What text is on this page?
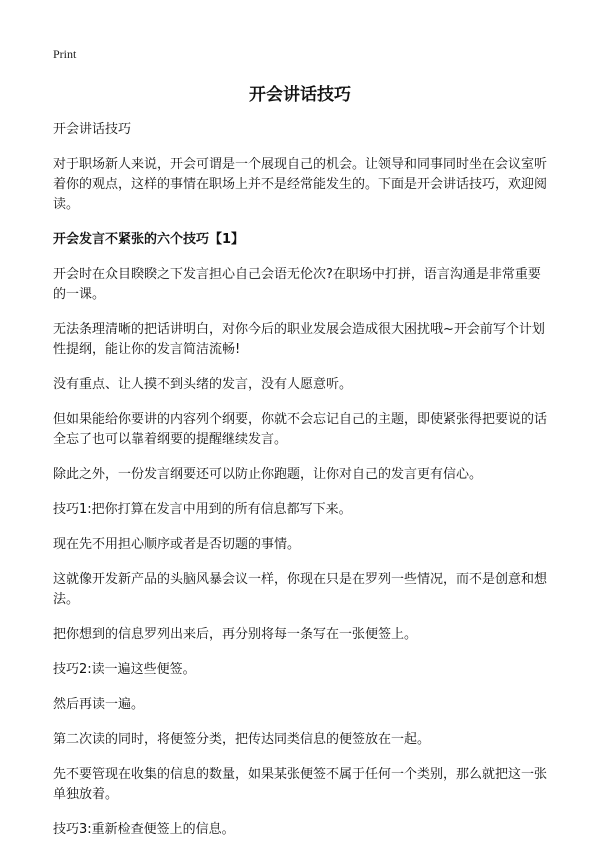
Print
开会讲话技巧

开会讲话技巧

对于职场新人来说，开会可谓是一个展现自己的机会。让领导和同事同时坐在会议室听着你的观点，这样的事情在职场上并不是经常能发生的。下面是开会讲话技巧，欢迎阅读。

开会发言不紧张的六个技巧【1】

开会时在众目睽睽之下发言担心自己会语无伦次?在职场中打拼，语言沟通是非常重要的一课。

无法条理清晰的把话讲明白，对你今后的职业发展会造成很大困扰哦~开会前写个计划性提纲，能让你的发言简洁流畅!

没有重点、让人摸不到头绪的发言，没有人愿意听。

但如果能给你要讲的内容列个纲要，你就不会忘记自己的主题，即使紧张得把要说的话全忘了也可以靠着纲要的提醒继续发言。

除此之外，一份发言纲要还可以防止你跑题，让你对自己的发言更有信心。

技巧1:把你打算在发言中用到的所有信息都写下来。

现在先不用担心顺序或者是否切题的事情。

这就像开发新产品的头脑风暴会议一样，你现在只是在罗列一些情况，而不是创意和想法。

把你想到的信息罗列出来后，再分别将每一条写在一张便签上。

技巧2:读一遍这些便签。

然后再读一遍。

第二次读的同时，将便签分类，把传达同类信息的便签放在一起。

先不要管现在收集的信息的数量，如果某张便签不属于任何一个类别，那么就把这一张单独放着。

技巧3:重新检查便签上的信息。
